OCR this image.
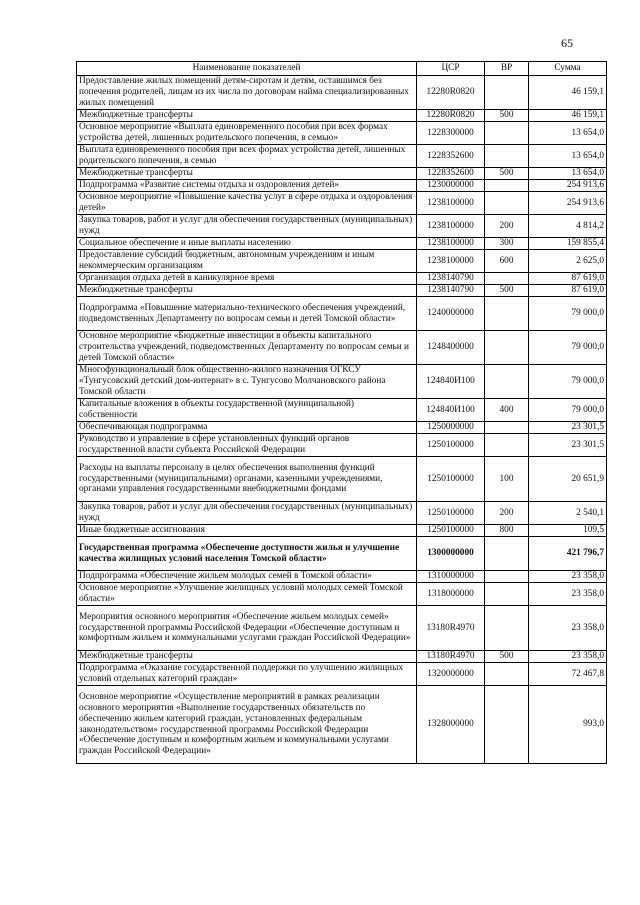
65
Наименование показателей	ЦСР	ВР	Сумма
Предоставление жилых помещений детям-сиротам и детям, оставшимся без попечения родителей, лицам из их числа по договорам найма специализированных жилых помещений	12280R0820		46 159,1
Межбюджетные трансферты	12280R0820	500	46 159,1
Основное мероприятие «Выплата единовременного пособия при всех формах устройства детей, лишенных родительского попечения, в семью»	1228300000		13 654,0
Выплата единовременного пособия при всех формах устройства детей, лишенных родительского попечения, в семью	1228352600		13 654,0
Межбюджетные трансферты	1228352600	500	13 654,0
Подпрограмма «Развитие системы отдыха и оздоровления детей»	1230000000		254 913,6
Основное мероприятие «Повышение качества услуг в сфере отдыха и оздоровления детей»	1238100000		254 913,6
Закупка товаров, работ и услуг для обеспечения государственных (муниципальных) нужд	1238100000	200	4 814,2
Социальное обеспечение и иные выплаты населению	1238100000	300	159 855,4
Предоставление субсидий бюджетным, автономным учреждениям и иным некоммерческим организациям	1238100000	600	2 625,0
Организация отдыха детей в каникулярное время	1238140790		87 619,0
Межбюджетные трансферты	1238140790	500	87 619,0
Подпрограмма «Повышение материально-технического обеспечения учреждений, подведомственных Департаменту по вопросам семьи и детей Томской области»	1240000000		79 000,0
Основное мероприятие «Бюджетные инвестиции в объекты капитального строительства учреждений, подведомственных Департаменту по вопросам семьи и детей Томской области»	1248400000		79 000,0
Многофункциональный блок общественно-жилого назначения ОГКСУ «Тунгусовский детский дом-интернат» в с. Тунгусово Молчановского района Томской области	124840И100		79 000,0
Капитальные вложения в объекты государственной (муниципальной) собственности	124840И100	400	79 000,0
Обеспечивающая подпрограмма	1250000000		23 301,5
Руководство и управление в сфере установленных функций органов государственной власти субъекта Российской Федерации	1250100000		23 301,5
Расходы на выплаты персоналу в целях обеспечения выполнения функций государственными (муниципальными) органами, казенными учреждениями, органами управления государственными внебюджетными фондами	1250100000	100	20 651,9
Закупка товаров, работ и услуг для обеспечения государственных (муниципальных) нужд	1250100000	200	2 540,1
Иные бюджетные ассигнования	1250100000	800	109,5
Государственная программа «Обеспечение доступности жилья и улучшение качества жилищных условий населения Томской области»	1300000000		421 796,7
Подпрограмма «Обеспечение жильем молодых семей в Томской области»	1310000000		23 358,0
Основное мероприятие «Улучшение жилищных условий молодых семей Томской области»	1318000000		23 358,0
Мероприятия основного мероприятия «Обеспечение жильем молодых семей» государственной программы Российской Федерации «Обеспечение доступным и комфортным жильем и коммунальными услугами граждан Российской Федерации»	13180R4970		23 358,0
Межбюджетные трансферты	13180R4970	500	23 358,0
Подпрограмма «Оказание государственной поддержки по улучшению жилищных условий отдельных категорий граждан»	1320000000		72 467,8
Основное мероприятие «Осуществление мероприятий в рамках реализации основного мероприятия «Выполнение государственных обязательств по обеспечению жильем категорий граждан, установленных федеральным законодательством» государственной программы Российской Федерации «Обеспечение доступным и комфортным жильем и коммунальными услугами граждан Российской Федерации»	1328000000		993,0
